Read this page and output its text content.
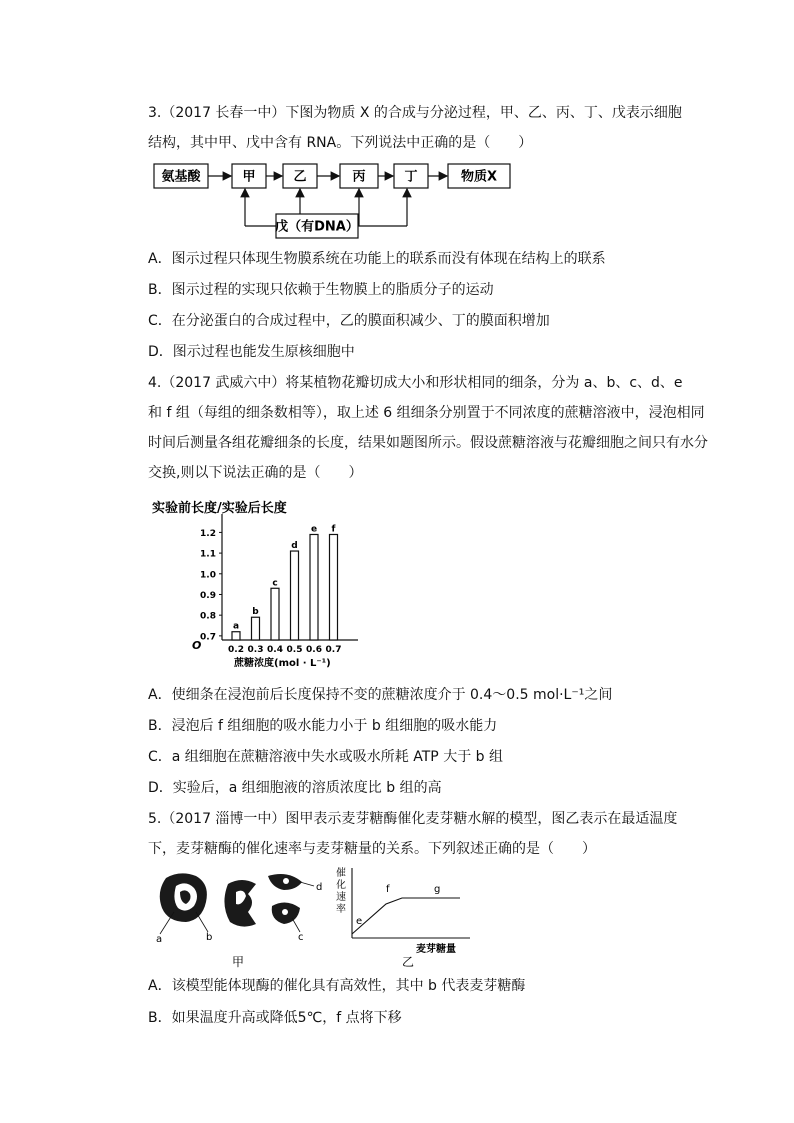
3.（2017 长春一中）下图为物质 X 的合成与分泌过程，甲、乙、丙、丁、戊表示细胞
结构，其中甲、戊中含有 RNA。下列说法中正确的是（　　）
氨基酸	甲	乙	丙	丁	物质X
戊（有DNA）
A．图示过程只体现生物膜系统在功能上的联系而没有体现在结构上的联系
B．图示过程的实现只依赖于生物膜上的脂质分子的运动
C．在分泌蛋白的合成过程中，乙的膜面积减少、丁的膜面积增加
D．图示过程也能发生原核细胞中
4.（2017 武威六中）将某植物花瓣切成大小和形状相同的细条，分为 a、b、c、d、e
和 f 组（每组的细条数相等），取上述 6 组细条分别置于不同浓度的蔗糖溶液中，浸泡相同
时间后测量各组花瓣细条的长度，结果如题图所示。假设蔗糖溶液与花瓣细胞之间只有水分
交换,则以下说法正确的是（　　）
实验前长度/实验后长度
O
蔗糖浓度(mol · L⁻¹)
0.7
0.8
0.9
1.0
1.1
1.2
a
0.2
b
0.3
c
0.4
d
0.5
e
0.6
f
0.7
A．使细条在浸泡前后长度保持不变的蔗糖浓度介于 0.4～0.5 mol·L⁻¹之间
B．浸泡后 f 组细胞的吸水能力小于 b 组细胞的吸水能力
C．a 组细胞在蔗糖溶液中失水或吸水所耗 ATP 大于 b 组
D．实验后，a 组细胞液的溶质浓度比 b 组的高
5.（2017 淄博一中）图甲表示麦芽糖酶催化麦芽糖水解的模型，图乙表示在最适温度
下，麦芽糖酶的催化速率与麦芽糖量的关系。下列叙述正确的是（　　）
a	b	c
d
甲
催
化
速
率
e
f	g
麦芽糖量
乙
A．该模型能体现酶的催化具有高效性，其中 b 代表麦芽糖酶
B．如果温度升高或降低5℃，f 点将下移
